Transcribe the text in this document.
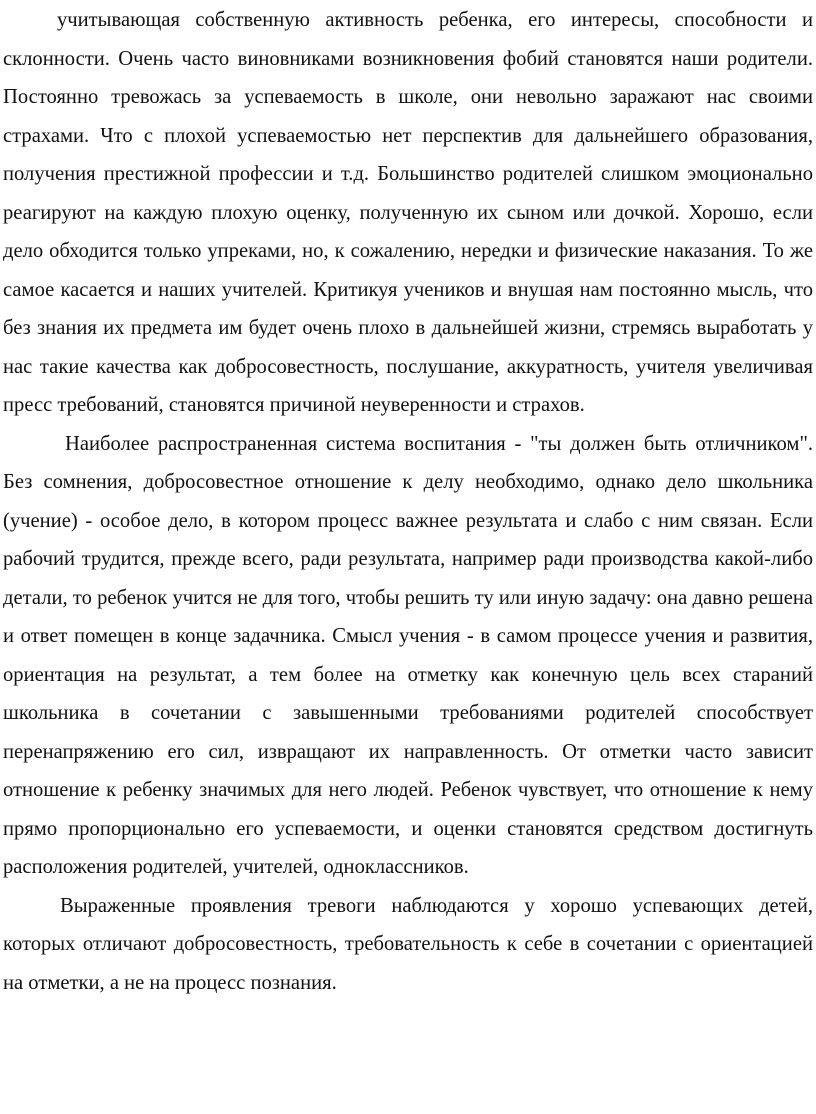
учитывающая собственную активность ребенка, его интересы, способности и склонности. Очень часто виновниками возникновения фобий становятся наши родители. Постоянно тревожась за успеваемость в школе, они невольно заражают нас своими страхами. Что с плохой успеваемостью нет перспектив для дальнейшего образования, получения престижной профессии и т.д. Большинство родителей слишком эмоционально реагируют на каждую плохую оценку, полученную их сыном или дочкой. Хорошо, если дело обходится только упреками, но, к сожалению, нередки и физические наказания. То же самое касается и наших учителей. Критикуя учеников и внушая нам постоянно мысль, что без знания их предмета им будет очень плохо в дальнейшей жизни, стремясь выработать у нас такие качества как добросовестность, послушание, аккуратность, учителя увеличивая пресс требований, становятся причиной неуверенности и страхов.

Наиболее распространенная система воспитания - "ты должен быть отличником". Без сомнения, добросовестное отношение к делу необходимо, однако дело школьника (учение) - особое дело, в котором процесс важнее результата и слабо с ним связан. Если рабочий трудится, прежде всего, ради результата, например ради производства какой-либо детали, то ребенок учится не для того, чтобы решить ту или иную задачу: она давно решена и ответ помещен в конце задачника. Смысл учения - в самом процессе учения и развития, ориентация на результат, а тем более на отметку как конечную цель всех стараний школьника в сочетании с завышенными требованиями родителей способствует перенапряжению его сил, извращают их направленность. От отметки часто зависит отношение к ребенку значимых для него людей. Ребенок чувствует, что отношение к нему прямо пропорционально его успеваемости, и оценки становятся средством достигнуть расположения родителей, учителей, одноклассников.

Выраженные проявления тревоги наблюдаются у хорошо успевающих детей, которых отличают добросовестность, требовательность к себе в сочетании с ориентацией на отметки, а не на процесс познания.
